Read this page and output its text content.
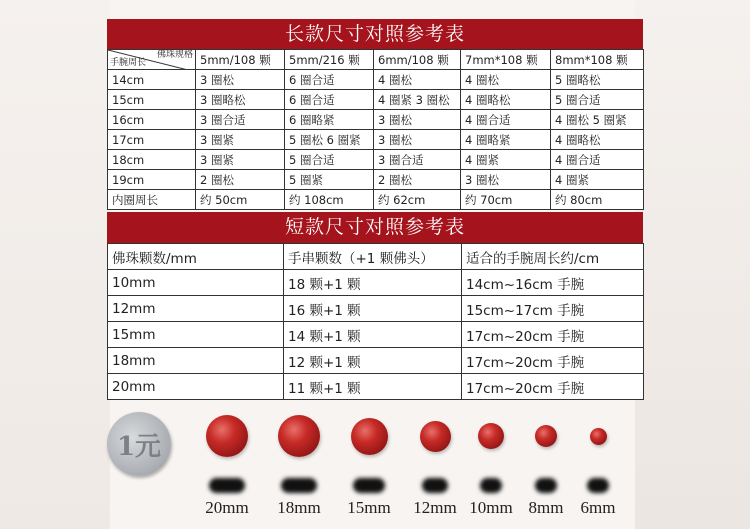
长款尺寸对照参考表
佛珠规格
手腕周长	5mm/108 颗	5mm/216 颗	6mm/108 颗	7mm*108 颗	8mm*108 颗
14cm	3 圈松	6 圈合适	4 圈松	4 圈松	5 圈略松
15cm	3 圈略松	6 圈合适	4 圈紧 3 圈松	4 圈略松	5 圈合适
16cm	3 圈合适	6 圈略紧	3 圈松	4 圈合适	4 圈松 5 圈紧
17cm	3 圈紧	5 圈松 6 圈紧	3 圈松	4 圈略紧	4 圈略松
18cm	3 圈紧	5 圈合适	3 圈合适	4 圈紧	4 圈合适
19cm	2 圈松	5 圈紧	2 圈松	3 圈松	4 圈紧
内圈周长	约 50cm	约 108cm	约 62cm	约 70cm	约 80cm
短款尺寸对照参考表
佛珠颗数/mm	手串颗数（+1 颗佛头）	适合的手腕周长约/cm
10mm	18 颗+1 颗	14cm~16cm 手腕
12mm	16 颗+1 颗	15cm~17cm 手腕
15mm	14 颗+1 颗	17cm~20cm 手腕
18mm	12 颗+1 颗	17cm~20cm 手腕
20mm	11 颗+1 颗	17cm~20cm 手腕
1元
20mm	18mm	15mm	12mm 10mm 8mm	6mm
